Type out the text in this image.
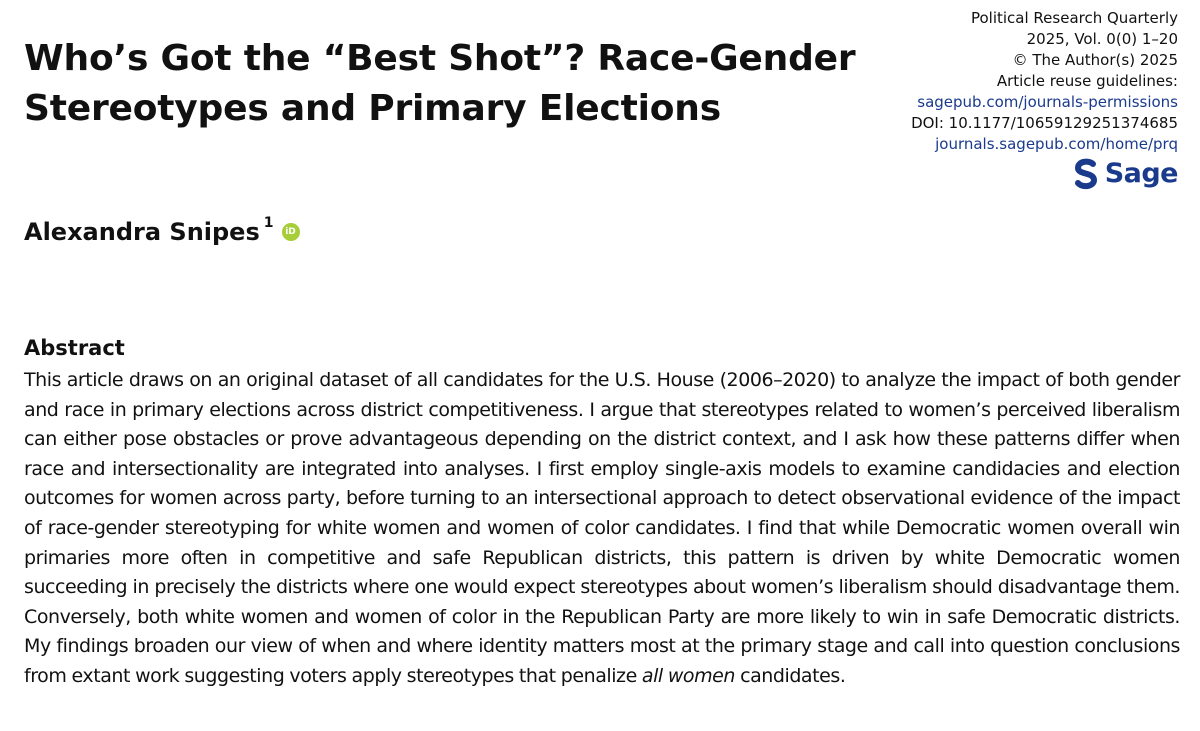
Who’s Got the “Best Shot”? Race-Gender Stereotypes and Primary Elections
Political Research Quarterly
2025, Vol. 0(0) 1–20
© The Author(s) 2025
Article reuse guidelines:
sagepub.com/journals-permissions
DOI: 10.1177/10659129251374685
journals.sagepub.com/home/prq
Sage
Alexandra Snipes $^1$
iD
Abstract

This article draws on an original dataset of all candidates for the U.S. House (2006–2020) to analyze the impact of both gender and race in primary elections across district competitiveness. I argue that stereotypes related to women’s perceived liberalism can either pose obstacles or prove advantageous depending on the district context, and I ask how these patterns differ when race and intersectionality are integrated into analyses. I first employ single-axis models to examine candidacies and election outcomes for women across party, before turning to an intersectional approach to detect observational evidence of the impact of race-gender stereotyping for white women and women of color candidates. I find that while Democratic women overall win primaries more often in competitive and safe Republican districts, this pattern is driven by white Democratic women succeeding in precisely the districts where one would expect stereotypes about women’s liberalism should disadvantage them. Conversely, both white women and women of color in the Republican Party are more likely to win in safe Democratic districts. My findings broaden our view of when and where identity matters most at the primary stage and call into question conclusions from extant work suggesting voters apply stereotypes that penalize all women candidates.
